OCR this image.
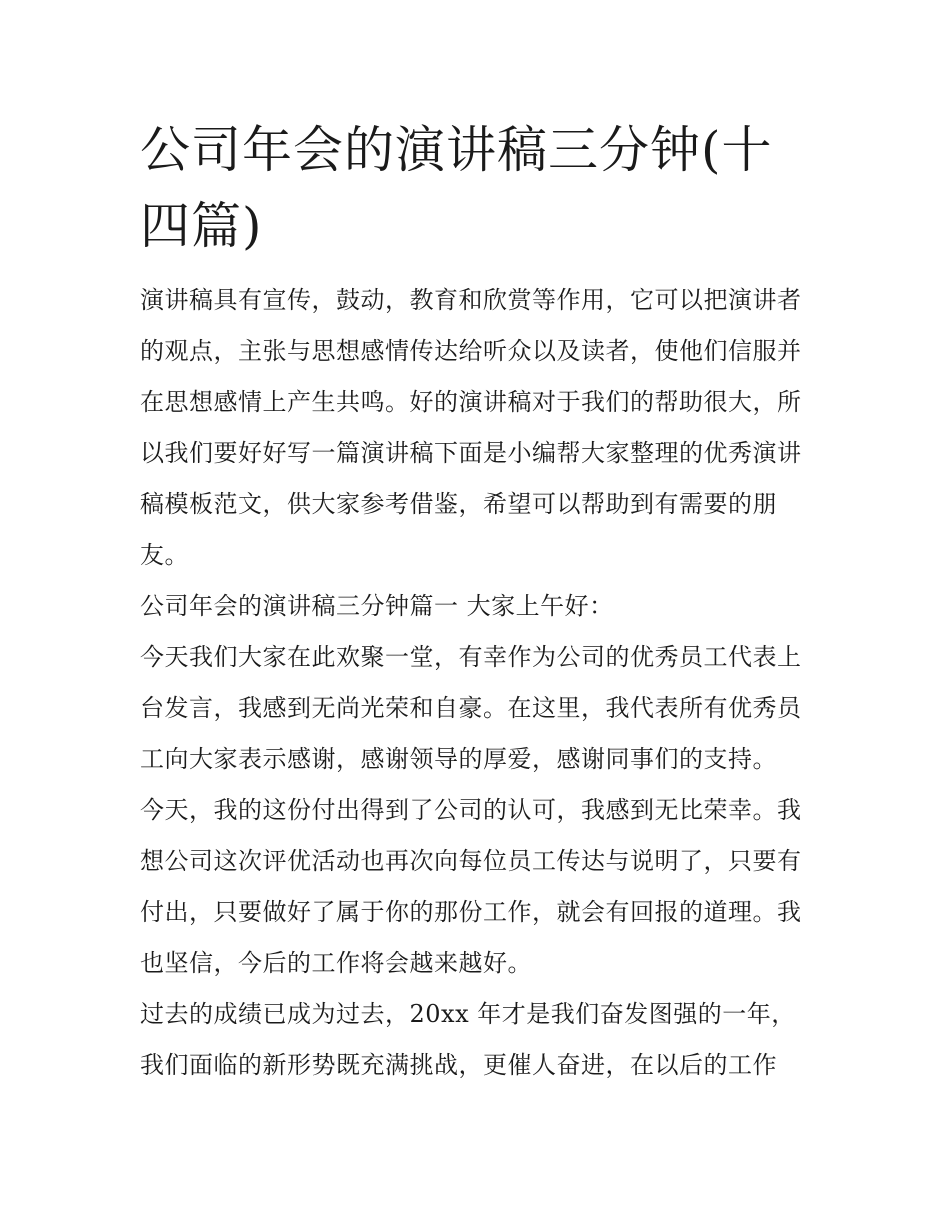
公司年会的演讲稿三分钟(十四篇)

演讲稿具有宣传，鼓动，教育和欣赏等作用，它可以把演讲者

的观点，主张与思想感情传达给听众以及读者，使他们信服并

在思想感情上产生共鸣。好的演讲稿对于我们的帮助很大，所

以我们要好好写一篇演讲稿下面是小编帮大家整理的优秀演讲

稿模板范文，供大家参考借鉴，希望可以帮助到有需要的朋

友。

公司年会的演讲稿三分钟篇一 大家上午好：

今天我们大家在此欢聚一堂，有幸作为公司的优秀员工代表上

台发言，我感到无尚光荣和自豪。在这里，我代表所有优秀员

工向大家表示感谢，感谢领导的厚爱，感谢同事们的支持。

今天，我的这份付出得到了公司的认可，我感到无比荣幸。我

想公司这次评优活动也再次向每位员工传达与说明了，只要有

付出，只要做好了属于你的那份工作，就会有回报的道理。我

也坚信，今后的工作将会越来越好。

过去的成绩已成为过去，20xx 年才是我们奋发图强的一年，

我们面临的新形势既充满挑战，更催人奋进，在以后的工作
